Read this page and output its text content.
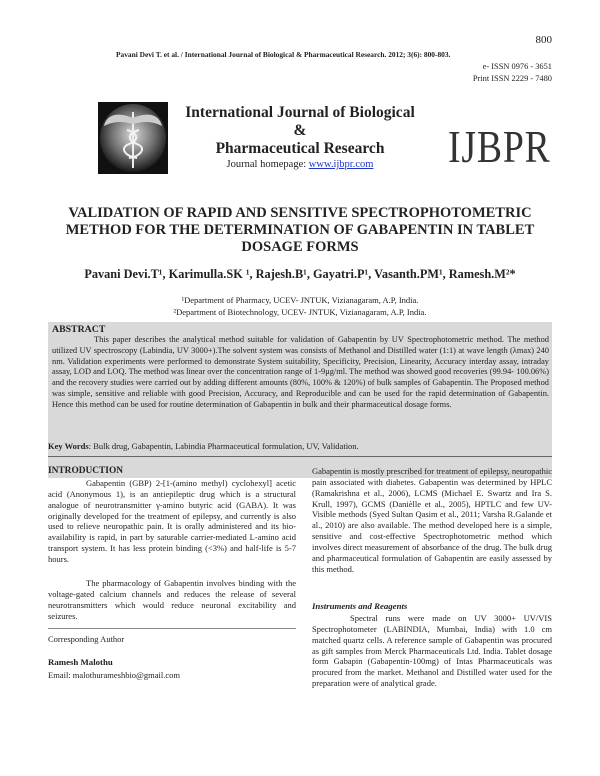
800
Pavani Devi T. et al. / International Journal of Biological & Pharmaceutical Research. 2012; 3(6): 800-803.
e- ISSN 0976 - 3651
Print ISSN 2229 - 7480
International Journal of Biological
&
Pharmaceutical Research
Journal homepage: www.ijbpr.com	IJBPR
VALIDATION OF RAPID AND SENSITIVE SPECTROPHOTOMETRIC METHOD FOR THE DETERMINATION OF GABAPENTIN IN TABLET DOSAGE FORMS
Pavani Devi.T¹, Karimulla.SK ¹, Rajesh.B¹, Gayatri.P¹, Vasanth.PM¹, Ramesh.M²*
¹Department of Pharmacy, UCEV- JNTUK, Vizianagaram, A.P, India.
²Department of Biotechnology, UCEV- JNTUK, Vizianagaram, A.P, India.
ABSTRACT
This paper describes the analytical method suitable for validation of Gabapentin by UV Spectrophotometric method. The method utilized UV spectroscopy (Labindia, UV 3000+).The solvent system was consists of Methanol and Distilled water (1:1) at wave length (λmax) 240 nm. Validation experiments were performed to demonstrate System suitability, Specificity, Precision, Linearity, Accuracy interday assay, intraday assay, LOD and LOQ. The method was linear over the concentration range of 1-9μg/ml. The method was showed good recoveries (99.94- 100.06%) and the recovery studies were carried out by adding different amounts (80%, 100% & 120%) of bulk samples of Gabapentin. The Proposed method was simple, sensitive and reliable with good Precision, Accuracy, and Reproducible and can be used for the rapid determination of Gabapentin. Hence this method can be used for routine determination of Gabapentin in bulk and their pharmaceutical dosage forms.
Key Words: Bulk drug, Gabapentin, Labindia Pharmaceutical formulation, UV, Validation.
INTRODUCTION
Gabapentin (GBP) 2-[1-(amino methyl) cyclohexyl] acetic acid (Anonymous 1), is an antiepileptic drug which is a structural analogue of neurotransmitter γ-amino butyric acid (GABA). It was originally developed for the treatment of epilepsy, and currently is also used to relieve neuropathic pain. It is orally administered and its bio-availability is rapid, in part by saturable carrier-mediated L-amino acid transport system. It has less protein binding (<3%) and half-life is 5-7 hours.
The pharmacology of Gabapentin involves binding with the voltage-gated calcium channels and reduces the release of several neurotransmitters which would reduce neuronal excitability and seizures.
Corresponding Author
Ramesh Malothu
Email: malothurameshbio@gmail.com
Gabapentin is mostly prescribed for treatment of epilepsy, neuropathic pain associated with diabetes. Gabapentin was determined by HPLC (Ramakrishna et al., 2006), LCMS (Michael E. Swartz and Ira S. Krull, 1997), GCMS (Danièlle et al., 2005), HPTLC and few UV-Visible methods (Syed Sultan Qasim et al., 2011; Varsha R.Galande et al., 2010) are also available. The method developed here is a simple, sensitive and cost-effective Spectrophotometric method which involves direct measurement of absorbance of the drug. The bulk drug and pharmaceutical formulation of Gabapentin are easily assessed by this method.
Instruments and Reagents
Spectral runs were made on UV 3000+ UV/VIS Spectrophotometer (LABINDIA, Mumbai, India) with 1.0 cm matched quartz cells. A reference sample of Gabapentin was procured as gift samples from Merck Pharmaceuticals Ltd. India. Tablet dosage form Gabapin (Gabapentin-100mg) of Intas Pharmaceuticals was procured from the market. Methanol and Distilled water used for the preparation were of analytical grade.
